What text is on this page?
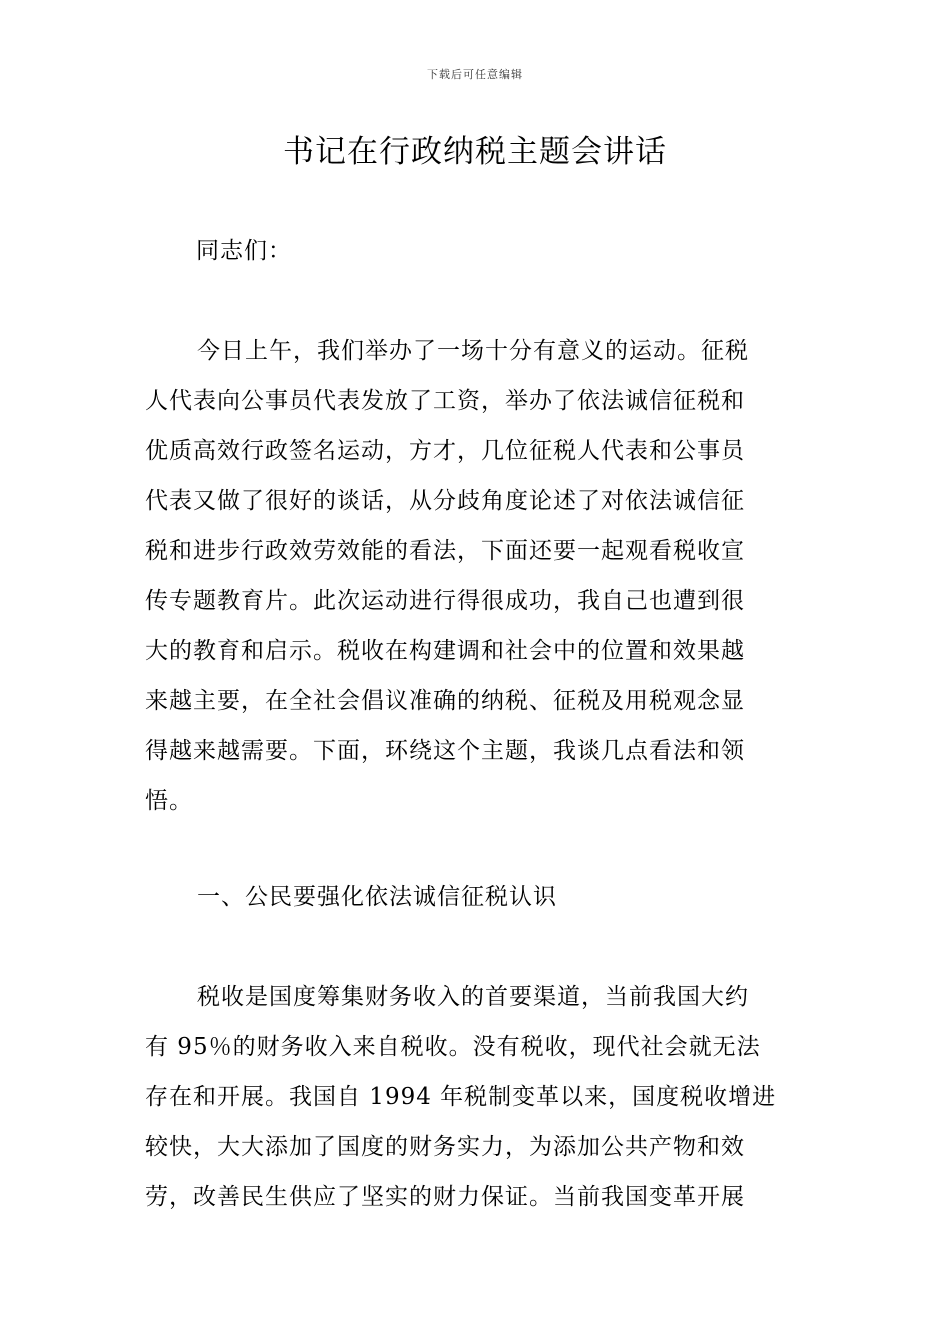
下载后可任意编辑
书记在行政纳税主题会讲话
同志们：
今日上午，我们举办了一场十分有意义的运动。征税
人代表向公事员代表发放了工资，举办了依法诚信征税和
优质高效行政签名运动，方才，几位征税人代表和公事员
代表又做了很好的谈话，从分歧角度论述了对依法诚信征
税和进步行政效劳效能的看法，下面还要一起观看税收宣
传专题教育片。此次运动进行得很成功，我自己也遭到很
大的教育和启示。税收在构建调和社会中的位置和效果越
来越主要，在全社会倡议准确的纳税、征税及用税观念显
得越来越需要。下面，环绕这个主题，我谈几点看法和领
悟。
一、公民要强化依法诚信征税认识
税收是国度筹集财务收入的首要渠道，当前我国大约
有 95％的财务收入来自税收。没有税收，现代社会就无法
存在和开展。我国自 1994 年税制变革以来，国度税收增进
较快，大大添加了国度的财务实力，为添加公共产物和效
劳，改善民生供应了坚实的财力保证。当前我国变革开展
